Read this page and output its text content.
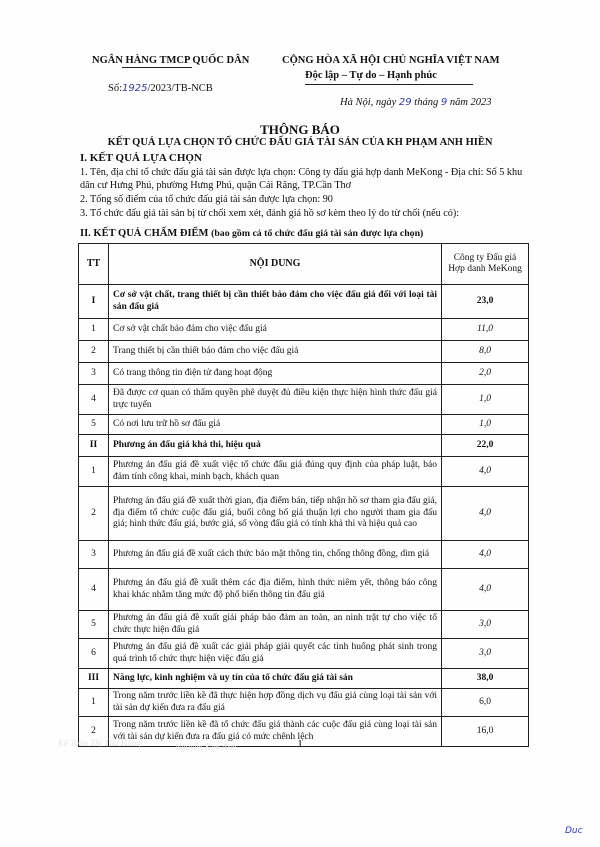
NGÂN HÀNG TMCP QUỐC DÂN	CỘNG HÒA XÃ HỘI CHỦ NGHĨA VIỆT NAM
Độc lập – Tự do – Hạnh phúc
Số:1925/2023/TB-NCB
Hà Nội, ngày 29 tháng 9 năm 2023
THÔNG BÁO
KẾT QUẢ LỰA CHỌN TỔ CHỨC ĐẤU GIÁ TÀI SẢN CỦA KH PHẠM ANH HIỀN
I. KẾT QUẢ LỰA CHỌN
1. Tên, địa chỉ tổ chức đấu giá tài sản được lựa chọn: Công ty đấu giá hợp danh MeKong - Địa chỉ: Số 5 khu dân cư Hưng Phú, phường Hưng Phú, quận Cái Răng, TP.Cần Thơ
2. Tổng số điểm của tổ chức đấu giá tài sản được lựa chọn: 90
3. Tổ chức đấu giá tài sản bị từ chối xem xét, đánh giá hồ sơ kèm theo lý do từ chối (nếu có):
II. KẾT QUẢ CHẤM ĐIỂM (bao gồm cả tổ chức đấu giá tài sản được lựa chọn)
TT	NỘI DUNG	Công ty Đấu giá Hợp danh MeKong
I	Cơ sở vật chất, trang thiết bị cần thiết bảo đảm cho việc đấu giá đối với loại tài sản đấu giá	23,0
1	Cơ sở vật chất bảo đảm cho việc đấu giá	11,0
2	Trang thiết bị cần thiết bảo đảm cho việc đấu giá	8,0
3	Có trang thông tin điện tử đang hoạt động	2,0
4	Đã được cơ quan có thẩm quyền phê duyệt đủ điều kiện thực hiện hình thức đấu giá trực tuyến	1,0
5	Có nơi lưu trữ hồ sơ đấu giá	1,0
II	Phương án đấu giá khả thi, hiệu quả	22,0
1	Phương án đấu giá đề xuất việc tổ chức đấu giá đúng quy định của pháp luật, bảo đảm tính công khai, minh bạch, khách quan	4,0
2	Phương án đấu giá đề xuất thời gian, địa điểm bán, tiếp nhận hồ sơ tham gia đấu giá, địa điểm tổ chức cuộc đấu giá, buổi công bố giá thuận lợi cho người tham gia đấu giá; hình thức đấu giá, bước giá, số vòng đấu giá có tính khả thi và hiệu quả cao	4,0
3	Phương án đấu giá đề xuất cách thức bảo mật thông tin, chống thông đồng, dìm giá	4,0
4	Phương án đấu giá đề xuất thêm các địa điểm, hình thức niêm yết, thông báo công khai khác nhằm tăng mức độ phổ biến thông tin đấu giá	4,0
5	Phương án đấu giá đề xuất giải pháp bảo đảm an toàn, an ninh trật tự cho việc tổ chức thực hiện đấu giá	3,0
6	Phương án đấu giá đề xuất các giải pháp giải quyết các tình huống phát sinh trong quá trình tổ chức thực hiện việc đấu giá	3,0
III	Năng lực, kinh nghiệm và uy tín của tổ chức đấu giá tài sản	38,0
1	Trong năm trước liền kề đã thực hiện hợp đồng dịch vụ đấu giá cùng loại tài sản với tài sản dự kiến đưa ra đấu giá	6,0
2	Trong năm trước liền kề đã tổ chức đấu giá thành các cuộc đấu giá cùng loại tài sản với tài sản dự kiến đưa ra đấu giá có mức chênh lệch	16,0
Kế Toán Thị Thu Hằng	Nguyễn Kim Anh	1
Duc
